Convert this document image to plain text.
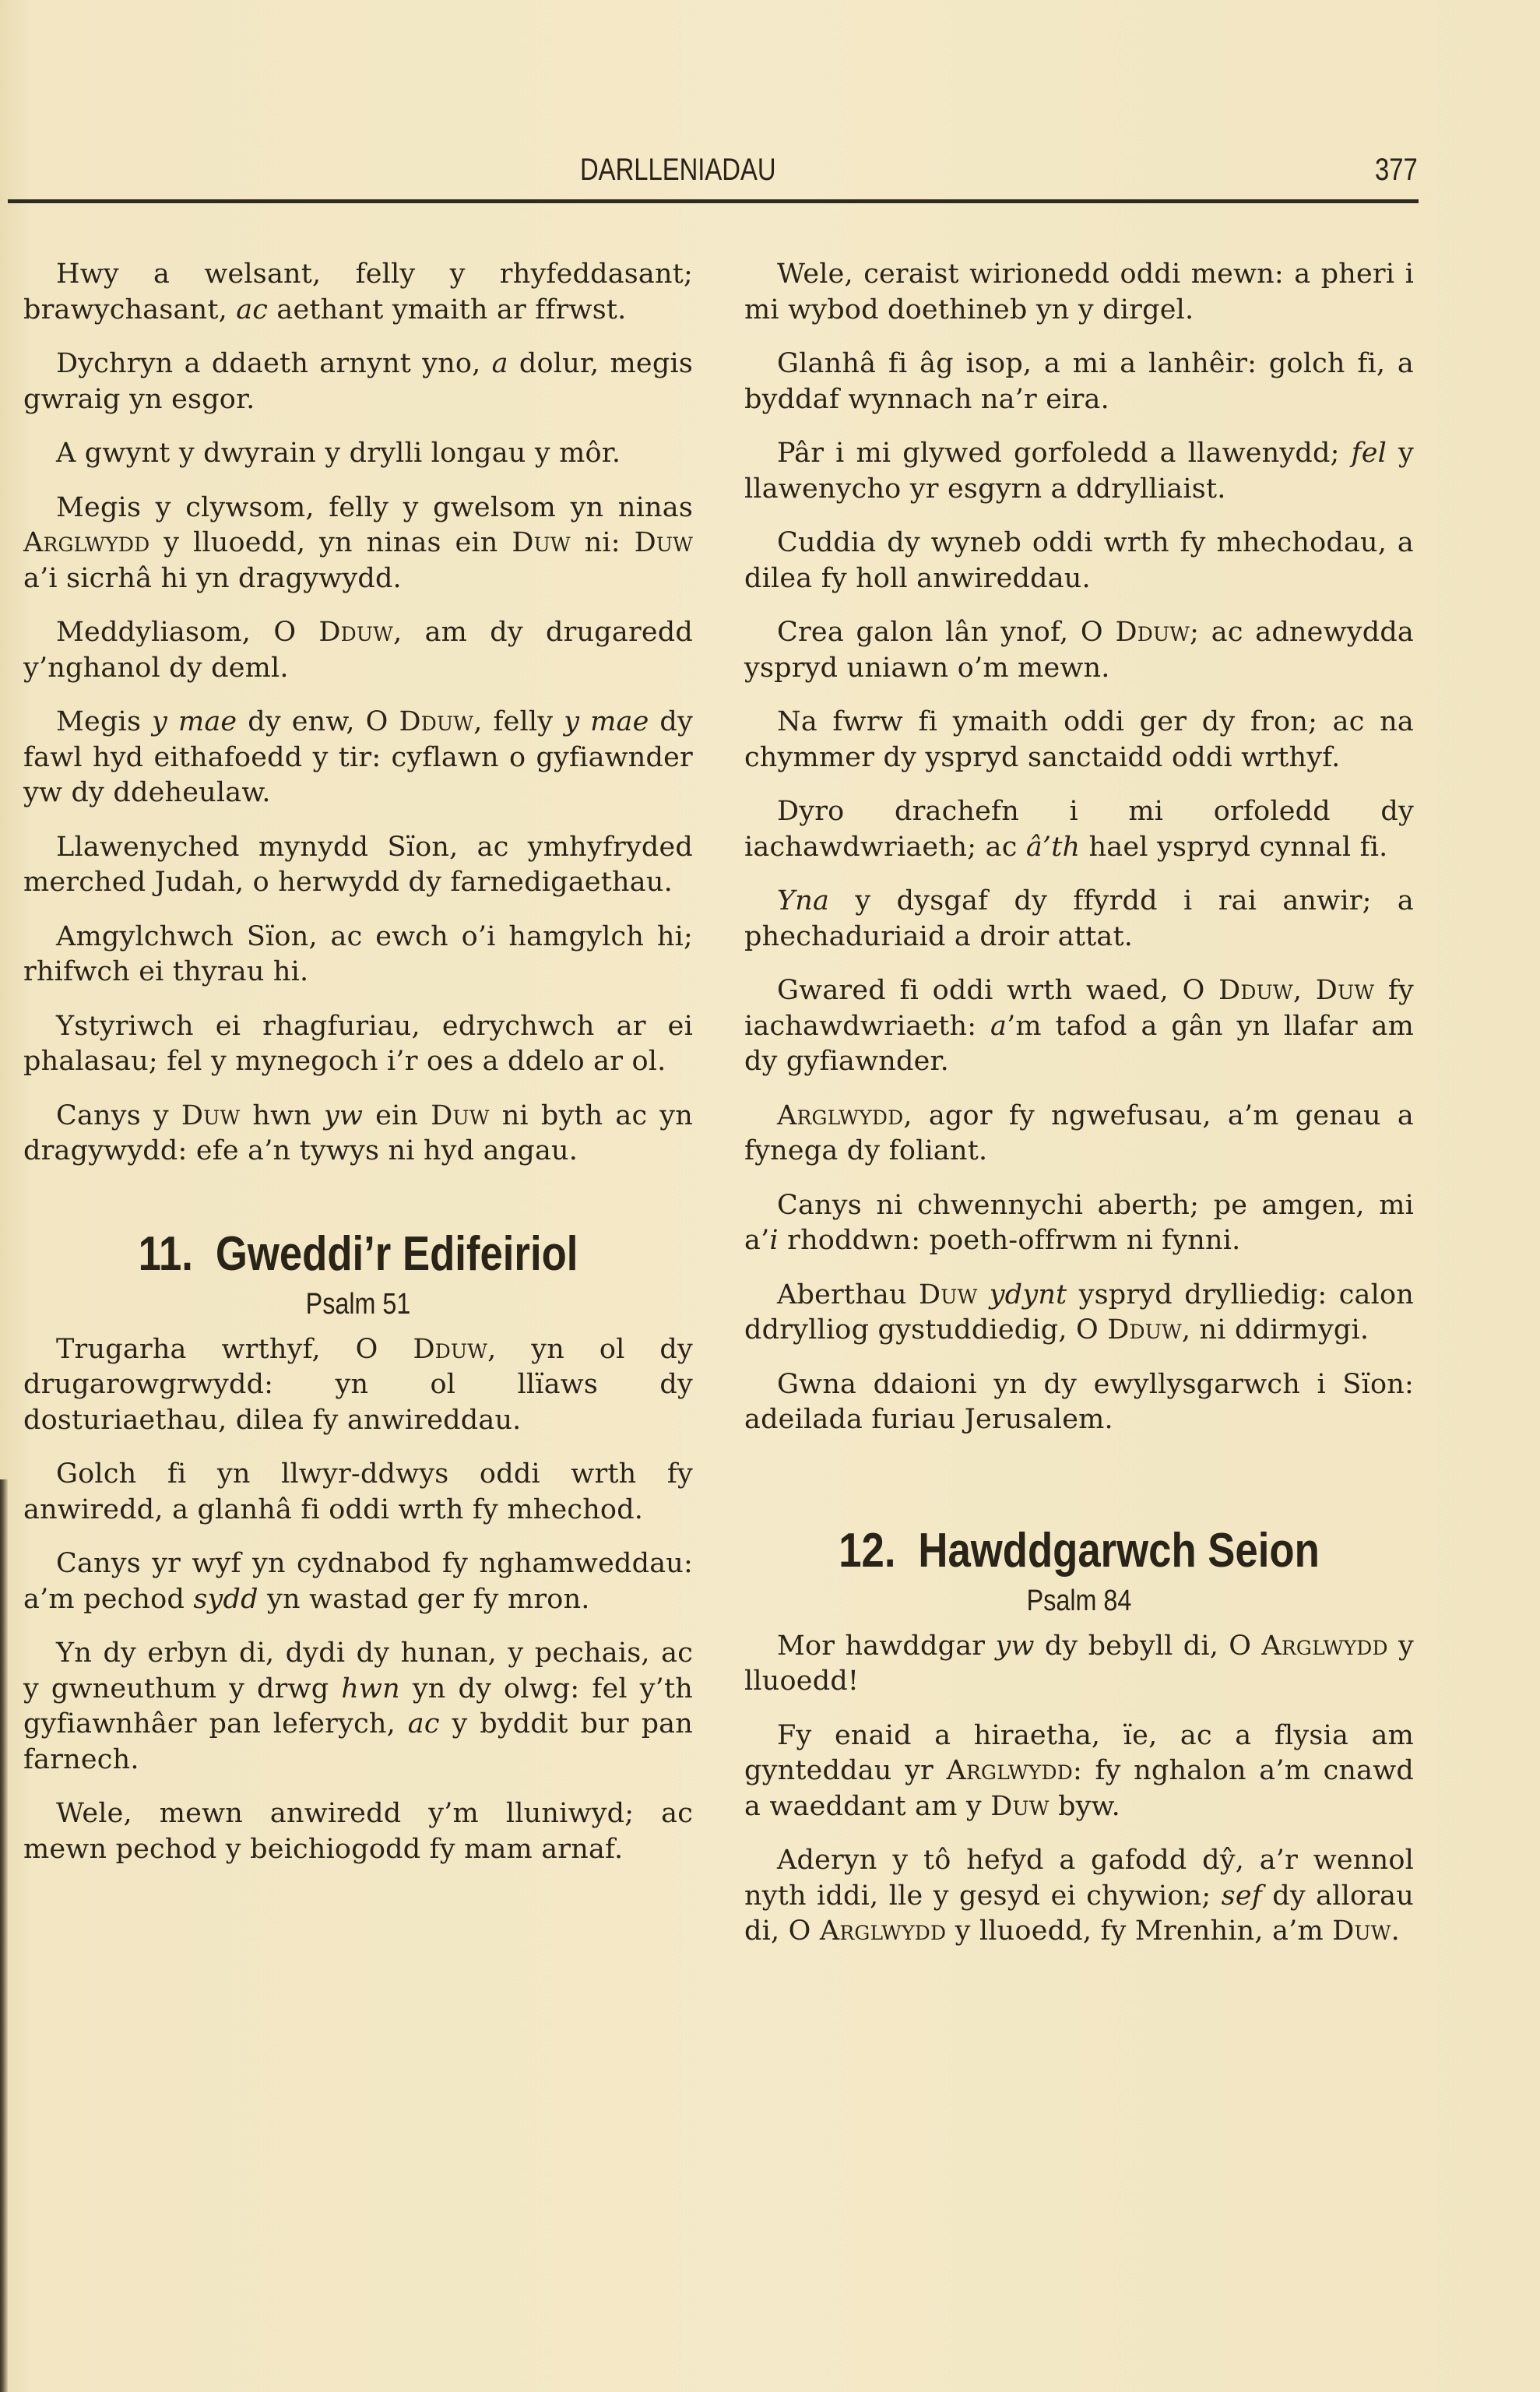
DARLLENIADAU	377

Hwy a welsant, felly y rhyfeddasant; brawychasant, ac aethant ymaith ar ffrwst.

Dychryn a ddaeth arnynt yno, a dolur, megis gwraig yn esgor.

A gwynt y dwyrain y drylli longau y môr.

Megis y clywsom, felly y gwelsom yn ninas Arglwydd y lluoedd, yn ninas ein Duw ni: Duw a’i sicrhâ hi yn dragywydd.

Meddyliasom, O Dduw, am dy drugaredd y’nghanol dy deml.

Megis y mae dy enw, O Dduw, felly y mae dy fawl hyd eithafoedd y tir: cyflawn o gyfiawnder yw dy ddeheulaw.

Llawenyched mynydd Sïon, ac ymhyfryded merched Judah, o herwydd dy farnedigaethau.

Amgylchwch Sïon, ac ewch o’i hamgylch hi; rhifwch ei thyrau hi.

Ystyriwch ei rhagfuriau, edrychwch ar ei phalasau; fel y mynegoch i’r oes a ddelo ar ol.

Canys y Duw hwn yw ein Duw ni byth ac yn dragywydd: efe a’n tywys ni hyd angau.

11. Gweddi’r Edifeiriol
Psalm 51

Trugarha wrthyf, O Dduw, yn ol dy drugarowgrwydd: yn ol llïaws dy dosturiaethau, dilea fy anwireddau.

Golch fi yn llwyr-ddwys oddi wrth fy anwiredd, a glanhâ fi oddi wrth fy mhechod.

Canys yr wyf yn cydnabod fy nghamweddau: a’m pechod sydd yn wastad ger fy mron.

Yn dy erbyn di, dydi dy hunan, y pechais, ac y gwneuthum y drwg hwn yn dy olwg: fel y’th gyfiawnhâer pan leferych, ac y byddit bur pan farnech.

Wele, mewn anwiredd y’m lluniwyd; ac mewn pechod y beichiogodd fy mam arnaf.

Wele, ceraist wirionedd oddi mewn: a pheri i mi wybod doethineb yn y dirgel.

Glanhâ fi âg isop, a mi a lanhêir: golch fi, a byddaf wynnach na’r eira.

Pâr i mi glywed gorfoledd a llawenydd; fel y llawenycho yr esgyrn a ddrylliaist.

Cuddia dy wyneb oddi wrth fy mhechodau, a dilea fy holl anwireddau.

Crea galon lân ynof, O Dduw; ac adnewydda yspryd uniawn o’m mewn.

Na fwrw fi ymaith oddi ger dy fron; ac na chymmer dy yspryd sanctaidd oddi wrthyf.

Dyro drachefn i mi orfoledd dy iachawdwriaeth; ac â’th hael yspryd cynnal fi.

Yna y dysgaf dy ffyrdd i rai anwir; a phechaduriaid a droir attat.

Gwared fi oddi wrth waed, O Dduw, Duw fy iachawdwriaeth: a’m tafod a gân yn llafar am dy gyfiawnder.

Arglwydd, agor fy ngwefusau, a’m genau a fynega dy foliant.

Canys ni chwennychi aberth; pe amgen, mi a’i rhoddwn: poeth-offrwm ni fynni.

Aberthau Duw ydynt yspryd drylliedig: calon ddrylliog gystuddiedig, O Dduw, ni ddirmygi.

Gwna ddaioni yn dy ewyllysgarwch i Sïon: adeilada furiau Jerusalem.

12. Hawddgarwch Seion
Psalm 84

Mor hawddgar yw dy bebyll di, O Arglwydd y lluoedd!

Fy enaid a hiraetha, ïe, ac a flysia am gynteddau yr Arglwydd: fy nghalon a’m cnawd a waeddant am y Duw byw.

Aderyn y tô hefyd a gafodd dŷ, a’r wennol nyth iddi, lle y gesyd ei chywion; sef dy allorau di, O Arglwydd y lluoedd, fy Mrenhin, a’m Duw.
